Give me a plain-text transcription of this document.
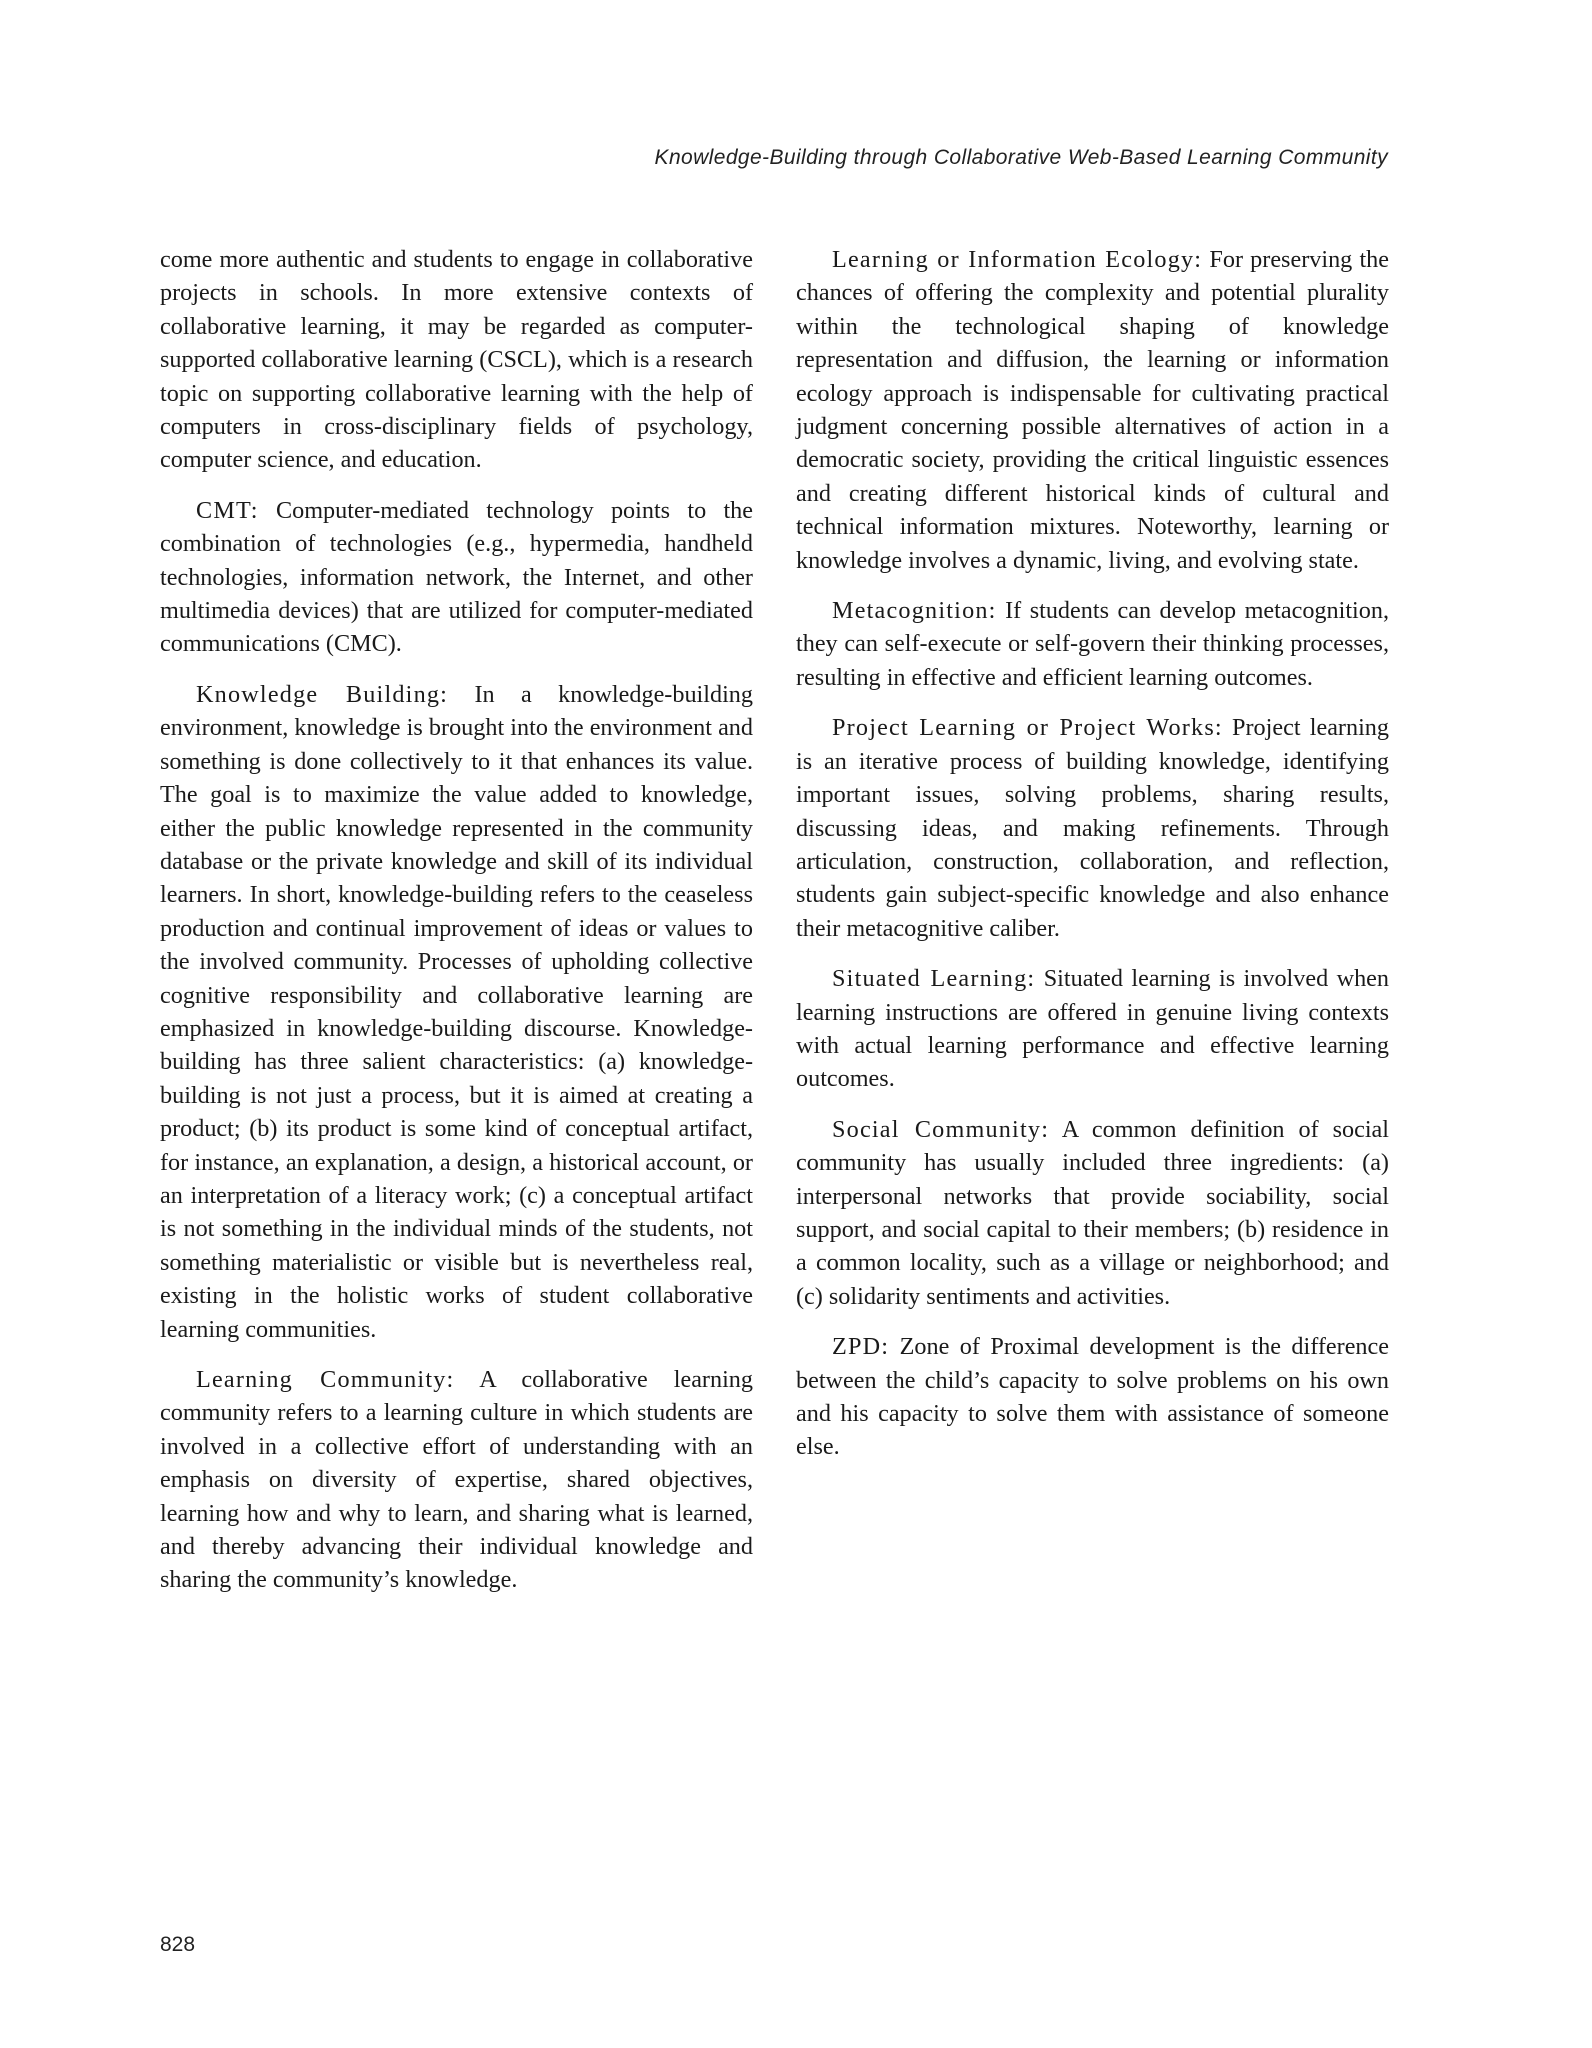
Knowledge-Building through Collaborative Web-Based Learning Community

come more authentic and students to engage in collaborative projects in schools. In more extensive contexts of collaborative learning, it may be regarded as computer-supported collaborative learning (CSCL), which is a research topic on supporting collaborative learning with the help of computers in cross-disciplinary fields of psychology, computer science, and education.

CMT: Computer-mediated technology points to the combination of technologies (e.g., hypermedia, handheld technologies, information network, the Internet, and other multimedia devices) that are utilized for computer-mediated communications (CMC).

Knowledge Building: In a knowledge-building environment, knowledge is brought into the environment and something is done collectively to it that enhances its value. The goal is to maximize the value added to knowledge, either the public knowledge represented in the community database or the private knowledge and skill of its individual learners. In short, knowledge-building refers to the ceaseless production and continual improvement of ideas or values to the involved community. Processes of upholding collective cognitive responsibility and collaborative learning are emphasized in knowledge-building discourse. Knowledge-building has three salient characteristics: (a) knowledge-building is not just a process, but it is aimed at creating a product; (b) its product is some kind of conceptual artifact, for instance, an explanation, a design, a historical account, or an interpretation of a literacy work; (c) a conceptual artifact is not something in the individual minds of the students, not something materialistic or visible but is nevertheless real, existing in the holistic works of student collaborative learning communities.

Learning Community: A collaborative learning community refers to a learning culture in which students are involved in a collective effort of understanding with an emphasis on diversity of expertise, shared objectives, learning how and why to learn, and sharing what is learned, and thereby advancing their individual knowledge and sharing the community’s knowledge.

Learning or Information Ecology: For preserving the chances of offering the complexity and potential plurality within the technological shaping of knowledge representation and diffusion, the learning or information ecology approach is indispensable for cultivating practical judgment concerning possible alternatives of action in a democratic society, providing the critical linguistic essences and creating different historical kinds of cultural and technical information mixtures. Noteworthy, learning or knowledge involves a dynamic, living, and evolving state.

Metacognition: If students can develop metacognition, they can self-execute or self-govern their thinking processes, resulting in effective and efficient learning outcomes.

Project Learning or Project Works: Project learning is an iterative process of building knowledge, identifying important issues, solving problems, sharing results, discussing ideas, and making refinements. Through articulation, construction, collaboration, and reflection, students gain subject-specific knowledge and also enhance their metacognitive caliber.

Situated Learning: Situated learning is involved when learning instructions are offered in genuine living contexts with actual learning performance and effective learning outcomes.

Social Community: A common definition of social community has usually included three ingredients: (a) interpersonal networks that provide sociability, social support, and social capital to their members; (b) residence in a common locality, such as a village or neighborhood; and (c) solidarity sentiments and activities.

ZPD: Zone of Proximal development is the difference between the child’s capacity to solve problems on his own and his capacity to solve them with assistance of someone else.

828
